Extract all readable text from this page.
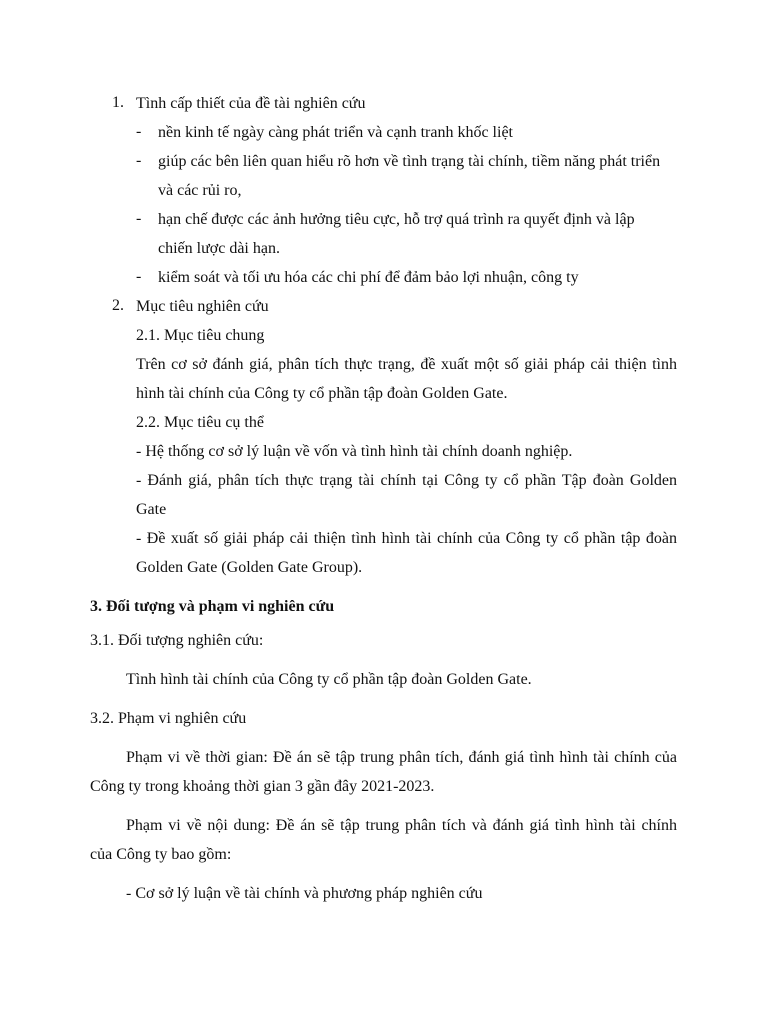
1. Tình cấp thiết của đề tài nghiên cứu
- nền kinh tế ngày càng phát triển và cạnh tranh khốc liệt
- giúp các bên liên quan hiểu rõ hơn về tình trạng tài chính, tiềm năng phát triển
và các rủi ro,
- hạn chế được các ảnh hưởng tiêu cực, hỗ trợ quá trình ra quyết định và lập
chiến lược dài hạn.
- kiểm soát và tối ưu hóa các chi phí để đảm bảo lợi nhuận, công ty
2. Mục tiêu nghiên cứu
2.1. Mục tiêu chung
Trên cơ sở đánh giá, phân tích thực trạng, đề xuất một số giải pháp cải thiện tình
hình tài chính của Công ty cổ phần tập đoàn Golden Gate.
2.2. Mục tiêu cụ thể
- Hệ thống cơ sở lý luận về vốn và tình hình tài chính doanh nghiệp.
- Đánh giá, phân tích thực trạng tài chính tại Công ty cổ phần Tập đoàn Golden
Gate
- Đề xuất số giải pháp cải thiện tình hình tài chính của Công ty cổ phần tập đoàn
Golden Gate (Golden Gate Group).
3. Đối tượng và phạm vi nghiên cứu
3.1. Đối tượng nghiên cứu:
Tình hình tài chính của Công ty cổ phần tập đoàn Golden Gate.
3.2. Phạm vi nghiên cứu
Phạm vi về thời gian: Đề án sẽ tập trung phân tích, đánh giá tình hình tài chính của
Công ty trong khoảng thời gian 3 gần đây 2021-2023.
Phạm vi về nội dung: Đề án sẽ tập trung phân tích và đánh giá tình hình tài chính
của Công ty bao gồm:
- Cơ sở lý luận về tài chính và phương pháp nghiên cứu
